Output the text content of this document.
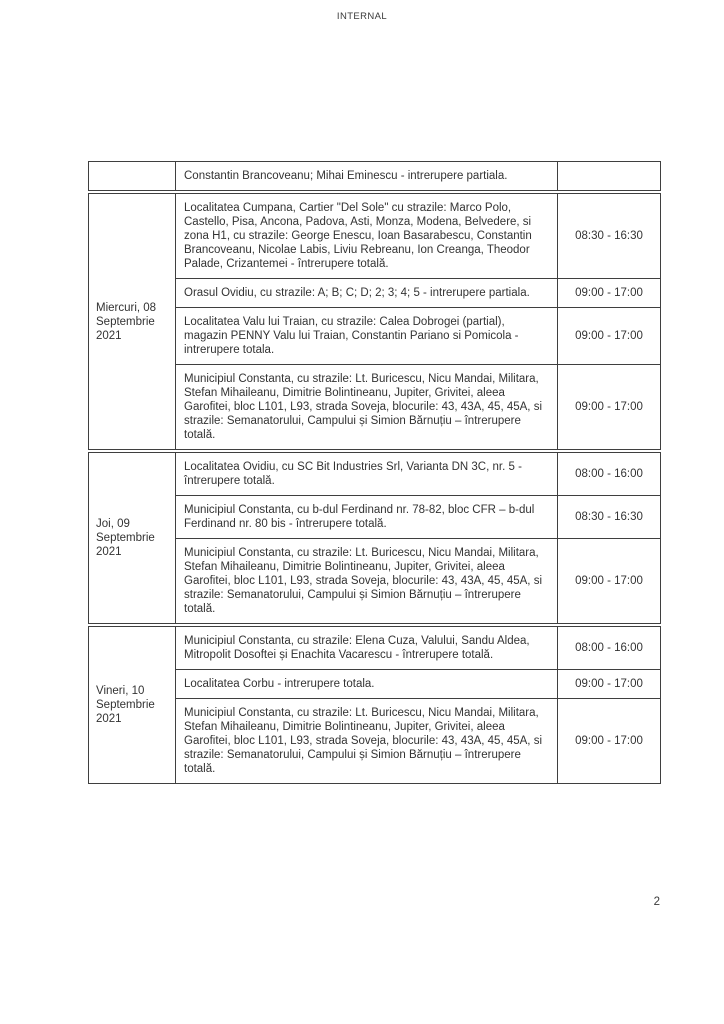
INTERNAL
	Constantin Brancoveanu; Mihai Eminescu - intrerupere partiala.	
Miercuri, 08 Septembrie 2021	Localitatea Cumpana, Cartier "Del Sole" cu strazile: Marco Polo, Castello, Pisa, Ancona, Padova, Asti, Monza, Modena, Belvedere, si zona H1, cu strazile: George Enescu, Ioan Basarabescu, Constantin Brancoveanu, Nicolae Labis, Liviu Rebreanu, Ion Creanga, Theodor Palade, Crizantemei - întrerupere totală.	08:30 - 16:30
	Orasul Ovidiu, cu strazile: A; B; C; D; 2; 3; 4; 5 - intrerupere partiala.	09:00 - 17:00
	Localitatea Valu lui Traian, cu strazile: Calea Dobrogei (partial), magazin PENNY Valu lui Traian, Constantin Pariano si Pomicola - intrerupere totala.	09:00 - 17:00
	Municipiul Constanta, cu strazile: Lt. Buricescu, Nicu Mandai, Militara, Stefan Mihaileanu, Dimitrie Bolintineanu, Jupiter, Grivitei, aleea Garofitei, bloc L101, L93, strada Soveja, blocurile: 43, 43A, 45, 45A, si strazile: Semanatorului, Campului și Simion Bărnuțiu – întrerupere totală.	09:00 - 17:00
Joi, 09 Septembrie 2021	Localitatea Ovidiu, cu SC Bit Industries Srl, Varianta DN 3C, nr. 5 - întrerupere totală.	08:00 - 16:00
	Municipiul Constanta, cu b-dul Ferdinand nr. 78-82, bloc CFR – b-dul Ferdinand nr. 80 bis - întrerupere totală.	08:30 - 16:30
	Municipiul Constanta, cu strazile: Lt. Buricescu, Nicu Mandai, Militara, Stefan Mihaileanu, Dimitrie Bolintineanu, Jupiter, Grivitei, aleea Garofitei, bloc L101, L93, strada Soveja, blocurile: 43, 43A, 45, 45A, si strazile: Semanatorului, Campului și Simion Bărnuțiu – întrerupere totală.	09:00 - 17:00
Vineri, 10 Septembrie 2021	Municipiul Constanta, cu strazile: Elena Cuza, Valului, Sandu Aldea, Mitropolit Dosoftei și Enachita Vacarescu - întrerupere totală.	08:00 - 16:00
	Localitatea Corbu - intrerupere totala.	09:00 - 17:00
	Municipiul Constanta, cu strazile: Lt. Buricescu, Nicu Mandai, Militara, Stefan Mihaileanu, Dimitrie Bolintineanu, Jupiter, Grivitei, aleea Garofitei, bloc L101, L93, strada Soveja, blocurile: 43, 43A, 45, 45A, si strazile: Semanatorului, Campului și Simion Bărnuțiu – întrerupere totală.	09:00 - 17:00
2
